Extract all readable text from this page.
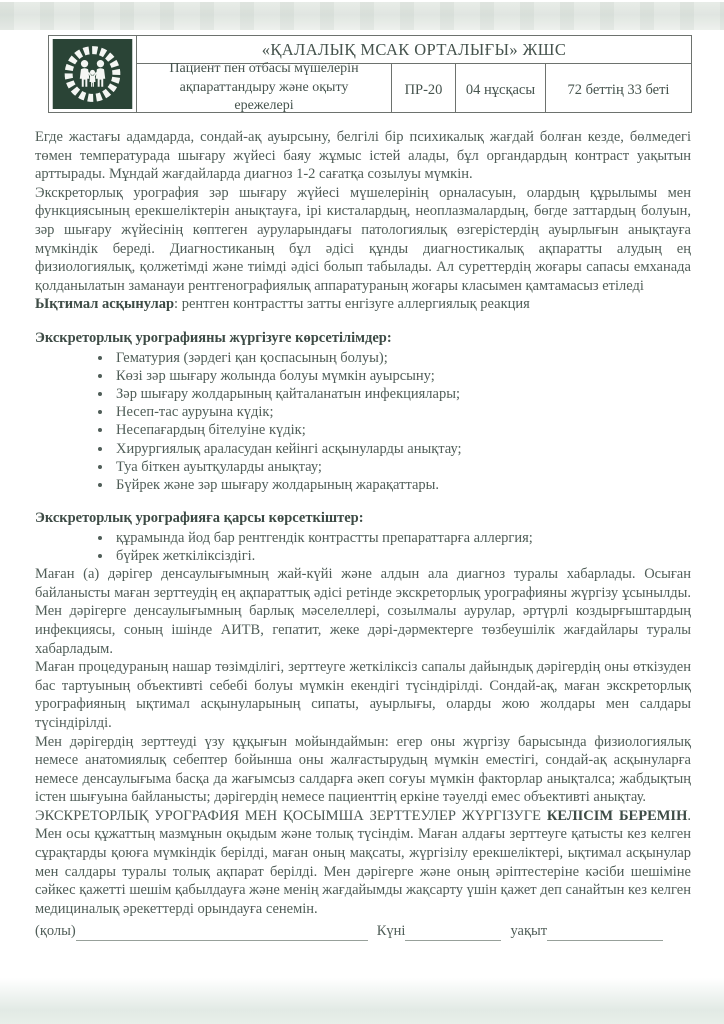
«ҚАЛАЛЫҚ МСАК ОРТАЛЫҒЫ» ЖШС
Пациент пен отбасы мүшелерін ақпараттандыру және оқыту ережелері
ПР-20	04 нұсқасы	72 беттің 33 беті

Егде жастағы адамдарда, сондай-ақ ауырсыну, белгілі бір психикалық жағдай болған кезде, бөлмедегі төмен температурада шығару жүйесі баяу жұмыс істей алады, бұл органдардың контраст уақытын арттырады. Мұндай жағдайларда диагноз 1-2 сағатқа созылуы мүмкін.

Экскреторлық урография зәр шығару жүйесі мүшелерінің орналасуын, олардың құрылымы мен функциясының ерекшеліктерін анықтауға, ірі кисталардың, неоплазмалардың, бөгде заттардың болуын, зәр шығару жүйесінің көптеген ауруларындағы патологиялық өзгерістердің ауырлығын анықтауға мүмкіндік береді. Диагностиканың бұл әдісі құнды диагностикалық ақпаратты алудың ең физиологиялық, қолжетімді және тиімді әдісі болып табылады. Ал суреттердің жоғары сапасы емханада қолданылатын заманауи рентгенографиялық аппаратураның жоғары класымен қамтамасыз етіледі

Ықтимал асқынулар: рентген контрастты затты енгізуге аллергиялық реакция

Экскреторлық урографияны жүргізуге көрсетілімдер:
• Гематурия (зәрдегі қан қоспасының болуы);
• Көзі зәр шығару жолында болуы мүмкін ауырсыну;
• Зәр шығару жолдарының қайталанатын инфекциялары;
• Несеп-тас ауруына күдік;
• Несепағардың бітелуіне күдік;
• Хирургиялық араласудан кейінгі асқынуларды анықтау;
• Туа біткен ауытқуларды анықтау;
• Бүйрек және зәр шығару жолдарының жарақаттары.
Экскреторлық урографияға қарсы көрсеткіштер:
• құрамында йод бар рентгендік контрастты препараттарға аллергия;
• бүйрек жеткіліксіздігі.

Маған (а) дәрігер денсаулығымның жай-күйі және алдын ала диагноз туралы хабарлады. Осыған байланысты маған зерттеудің ең ақпараттық әдісі ретінде экскреторлық урографияны жүргізу ұсынылды. Мен дәрігерге денсаулығымның барлық мәселеллері, созылмалы аурулар, әртүрлі коздырғыштардың инфекциясы, соның ішінде АИТВ, гепатит, жеке дәрі-дәрмектерге төзбеушілік жағдайлары туралы хабарладым.

Маған процедураның нашар төзімділігі, зерттеуге жеткіліксіз сапалы дайындық дәрігердің оны өткізуден бас тартуының объективті себебі болуы мүмкін екендігі түсіндірілді. Сондай-ақ, маған экскреторлық урографияның ықтимал асқынуларының сипаты, ауырлығы, оларды жою жолдары мен салдары түсіндірілді.

Мен дәрігердің зерттеуді үзу құқығын мойындаймын: егер оны жүргізу барысында физиологиялық немесе анатомиялық себептер бойынша оны жалғастырудың мүмкін еместігі, сондай-ақ асқынуларға немесе денсаулығыма басқа да жағымсыз салдарға әкеп соғуы мүмкін факторлар анықталса; жабдықтың істен шығуына байланысты; дәрігердің немесе пациенттің еркіне тәуелді емес объективті анықтау.

ЭКСКРЕТОРЛЫҚ УРОГРАФИЯ МЕН ҚОСЫМША ЗЕРТТЕУЛЕР ЖҮРГІЗУГЕ КЕЛІСІМ БЕРЕМІН. Мен осы құжаттың мазмұнын оқыдым және толық түсіндім. Маған алдағы зерттеуге қатысты кез келген сұрақтарды қоюға мүмкіндік берілді, маған оның мақсаты, жүргізілу ерекшеліктері, ықтимал асқынулар мен салдары туралы толық ақпарат берілді. Мен дәрігерге және оның әріптестеріне кәсіби шешіміне сәйкес қажетті шешім қабылдауға және менің жағдайымды жақсарту үшін қажет деп санайтын кез келген медициналық әрекеттерді орындауға сенемін.

(қолы)	Күні	уақыт
